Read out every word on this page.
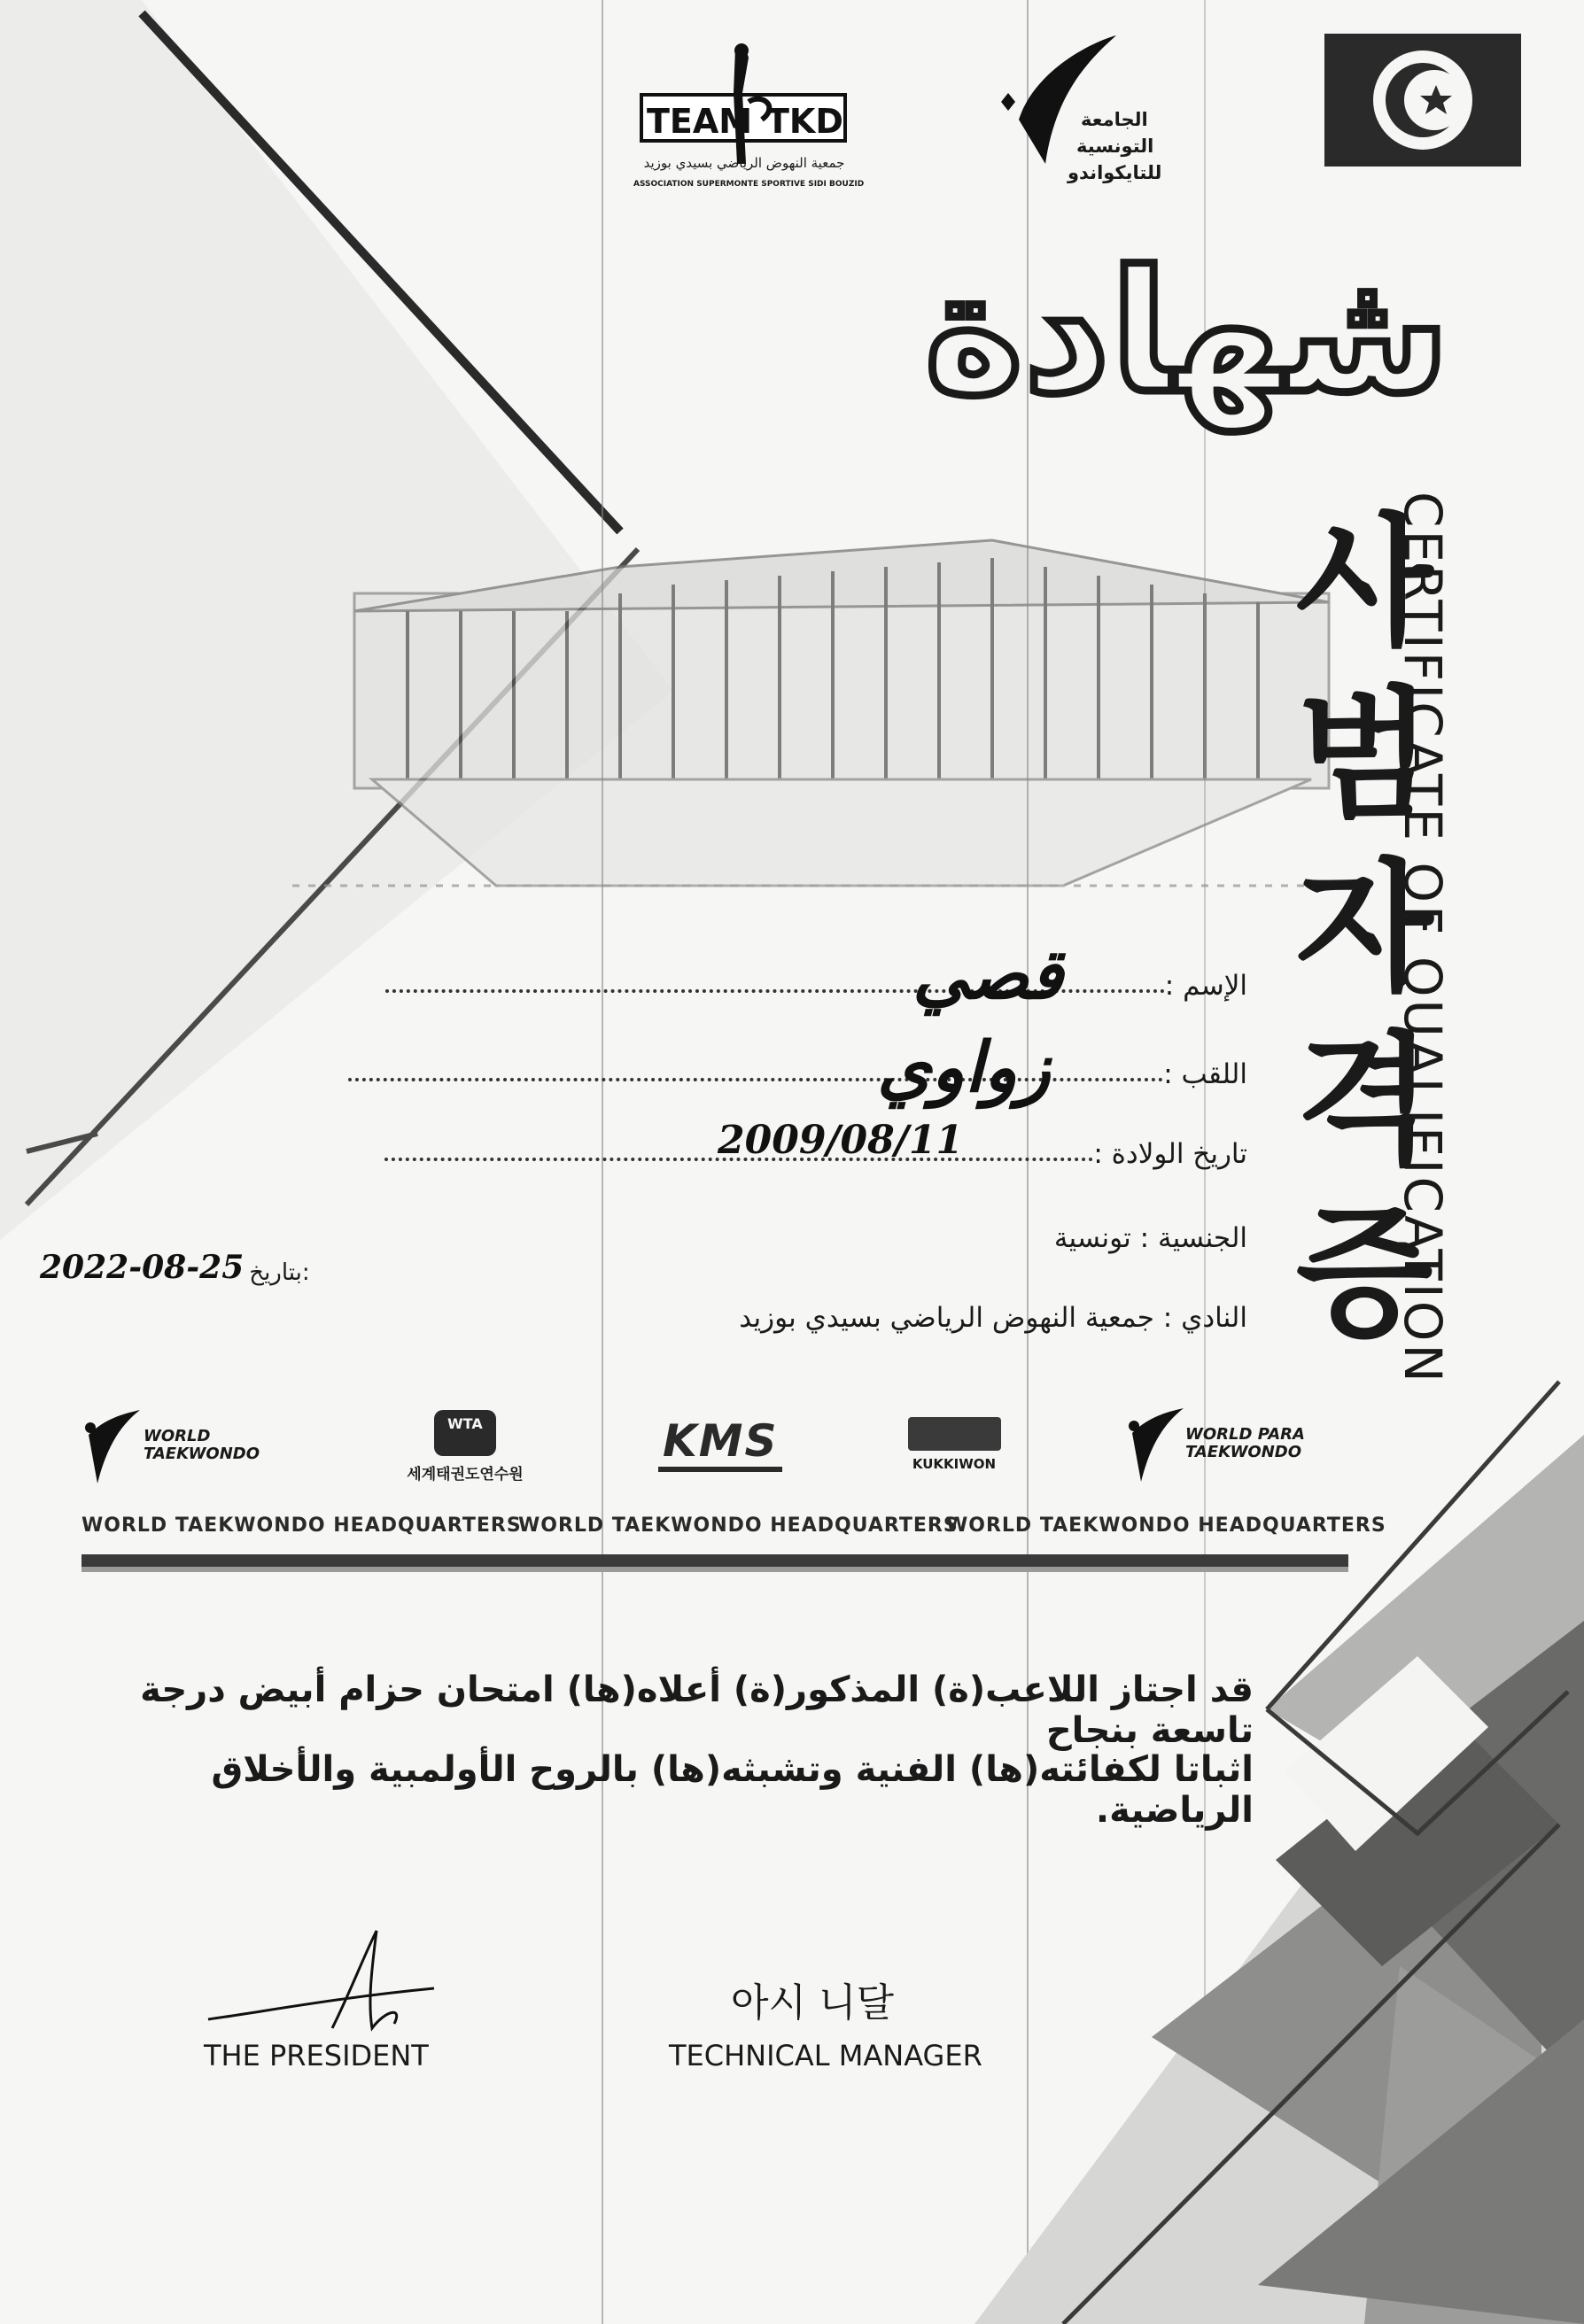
TEAM TKD
جمعية النهوض الرياضي بسيدي بوزيد
ASSOCIATION SUPERMONTE SPORTIVE SIDI BOUZID
الجامعة
التونسية
للتايكواندو
شهادة
사
범
자
격
증
CERTIFICATE OF QUALIFICATION
الإسم :
قصي
اللقب :
زواوي
تاريخ الولادة :
2009/08/11
الجنسية : تونسية
النادي : جمعية النهوض الرياضي بسيدي بوزيد
2022-08-25 بتاريخ:
WORLD TAEKWONDO
WTA
세계태권도연수원
KMS	KUKKIWON
WORLD PARA TAEKWONDO
WORLD TAEKWONDO HEADQUARTERS
WORLD TAEKWONDO HEADQUARTERS
WORLD TAEKWONDO HEADQUARTERS
قد اجتاز اللاعب(ة) المذكور(ة) أعلاه(ها) امتحان حزام أبيض درجة تاسعة بنجاح
اثباتا لكفائته(ها) الفنية وتشبثه(ها) بالروح الأولمبية والأخلاق الرياضية.
THE PRESIDENT
아시 니달
TECHNICAL MANAGER
